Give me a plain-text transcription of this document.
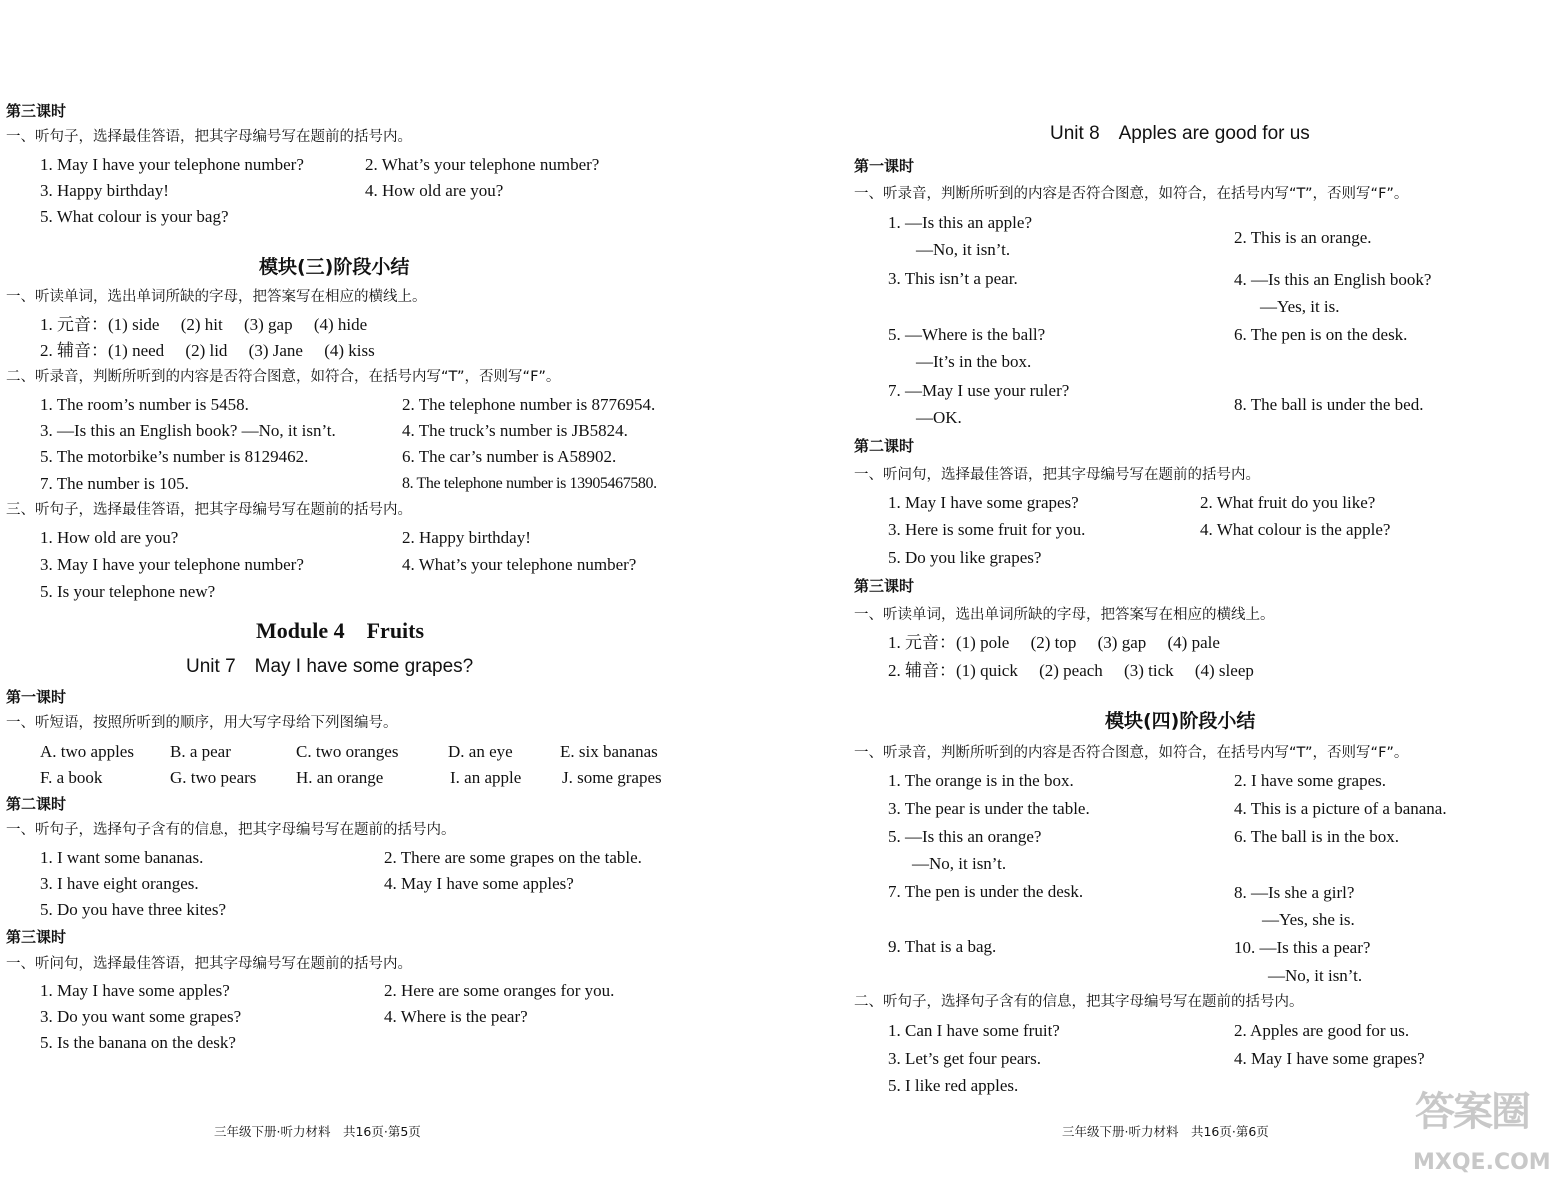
第三课时
一、听句子，选择最佳答语，把其字母编号写在题前的括号内。
1. May I have your telephone number?	2. What’s your telephone number?
3. Happy birthday!	4. How old are you?
5. What colour is your bag?
模块(三)阶段小结
一、听读单词，选出单词所缺的字母，把答案写在相应的横线上。
1. 元音：(1) side　 (2) hit　 (3) gap　 (4) hide
2. 辅音：(1) need　 (2) lid　 (3) Jane　 (4) kiss
二、听录音，判断所听到的内容是否符合图意，如符合，在括号内写“T”，否则写“F”。
1. The room’s number is 5458.	2. The telephone number is 8776954.
3. —Is this an English book? —No, it isn’t.	4. The truck’s number is JB5824.
5. The motorbike’s number is 8129462.	6. The car’s number is A58902.
7. The number is 105.	8. The telephone number is 13905467580.
三、听句子，选择最佳答语，把其字母编号写在题前的括号内。
1. How old are you?	2. Happy birthday!
3. May I have your telephone number?	4. What’s your telephone number?
5. Is your telephone new?
Module 4　Fruits
Unit 7　May I have some grapes?
第一课时
一、听短语，按照所听到的顺序，用大写字母给下列图编号。
A. two apples B. a pear	C. two oranges	D. an eye	E. six bananas
F. a book	G. two pears H. an orange	I. an apple J. some grapes
第二课时
一、听句子，选择句子含有的信息，把其字母编号写在题前的括号内。
1. I want some bananas.	2. There are some grapes on the table.
3. I have eight oranges.	4. May I have some apples?
5. Do you have three kites?
第三课时
一、听问句，选择最佳答语，把其字母编号写在题前的括号内。
1. May I have some apples?	2. Here are some oranges for you.
3. Do you want some grapes?	4. Where is the pear?
5. Is the banana on the desk?
三年级下册·听力材料　共16页·第5页
Unit 8　Apples are good for us
第一课时
一、听录音，判断所听到的内容是否符合图意，如符合，在括号内写“T”，否则写“F”。
1. —Is this an apple?
—No, it isn’t.
2. This is an orange.
3. This isn’t a pear.	4. —Is this an English book?
—Yes, it is.
5. —Where is the ball?
—It’s in the box.
6. The pen is on the desk.
7. —May I use your ruler?
—OK.
8. The ball is under the bed.
第二课时
一、听问句，选择最佳答语，把其字母编号写在题前的括号内。
1. May I have some grapes?	2. What fruit do you like?
3. Here is some fruit for you.	4. What colour is the apple?
5. Do you like grapes?
第三课时
一、听读单词，选出单词所缺的字母，把答案写在相应的横线上。
1. 元音：(1) pole　 (2) top　 (3) gap　 (4) pale
2. 辅音：(1) quick　 (2) peach　 (3) tick　 (4) sleep
模块(四)阶段小结
一、听录音，判断所听到的内容是否符合图意，如符合，在括号内写“T”，否则写“F”。
1. The orange is in the box.	2. I have some grapes.
3. The pear is under the table.	4. This is a picture of a banana.
5. —Is this an orange?
—No, it isn’t.
6. The ball is in the box.
7. The pen is under the desk.	8. —Is she a girl?
—Yes, she is.
9. That is a bag.	10. —Is this a pear?
—No, it isn’t.
二、听句子，选择句子含有的信息，把其字母编号写在题前的括号内。
1. Can I have some fruit?	2. Apples are good for us.
3. Let’s get four pears.	4. May I have some grapes?
5. I like red apples.
三年级下册·听力材料　共16页·第6页	答案圈
MXQE.COM
